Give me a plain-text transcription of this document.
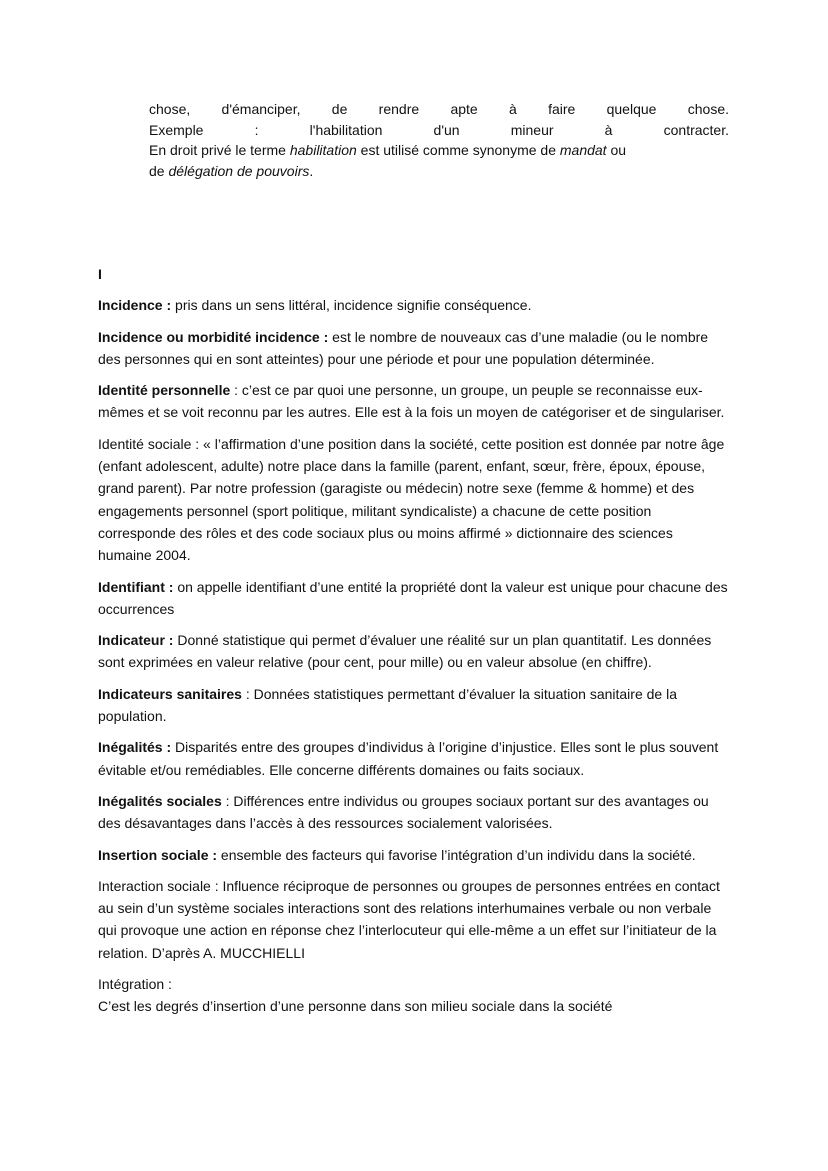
chose, d'émanciper, de rendre apte à faire quelque chose.
Exemple : l'habilitation d'un mineur à contracter.
En droit privé le terme habilitation est utilisé comme synonyme de mandat ou
de délégation de pouvoirs.
I

Incidence : pris dans un sens littéral, incidence signifie conséquence.

Incidence ou morbidité incidence : est le nombre de nouveaux cas d’une maladie (ou le nombre des personnes qui en sont atteintes) pour une période et pour une population déterminée.

Identité personnelle : c’est ce par quoi une personne, un groupe, un peuple se reconnaisse eux-mêmes et se voit reconnu par les autres. Elle est à la fois un moyen de catégoriser et de singulariser.

Identité sociale : « l’affirmation d’une position dans la société, cette position est donnée par notre âge (enfant adolescent, adulte) notre place dans la famille (parent, enfant, sœur, frère, époux, épouse, grand parent). Par notre profession (garagiste ou médecin) notre sexe (femme & homme) et des engagements personnel (sport politique, militant syndicaliste) a chacune de cette position corresponde des rôles et des code sociaux plus ou moins affirmé » dictionnaire des sciences humaine 2004.

Identifiant : on appelle identifiant d’une entité la propriété dont la valeur est unique pour chacune des occurrences

Indicateur : Donné statistique qui permet d’évaluer une réalité sur un plan quantitatif. Les données sont exprimées en valeur relative (pour cent, pour mille) ou en valeur absolue (en chiffre).

Indicateurs sanitaires : Données statistiques permettant d’évaluer la situation sanitaire de la population.

Inégalités : Disparités entre des groupes d’individus à l’origine d’injustice. Elles sont le plus souvent évitable et/ou remédiables. Elle concerne différents domaines ou faits sociaux.

Inégalités sociales : Différences entre individus ou groupes sociaux portant sur des avantages ou des désavantages dans l’accès à des ressources socialement valorisées.

Insertion sociale : ensemble des facteurs qui favorise l’intégration d’un individu dans la société.

Interaction sociale : Influence réciproque de personnes ou groupes de personnes entrées en contact au sein d’un système sociales interactions sont des relations interhumaines verbale ou non verbale qui provoque une action en réponse chez l’interlocuteur qui elle-même a un effet sur l’initiateur de la relation. D’après A. MUCCHIELLI

Intégration :
C’est les degrés d’insertion d’une personne dans son milieu sociale dans la société
